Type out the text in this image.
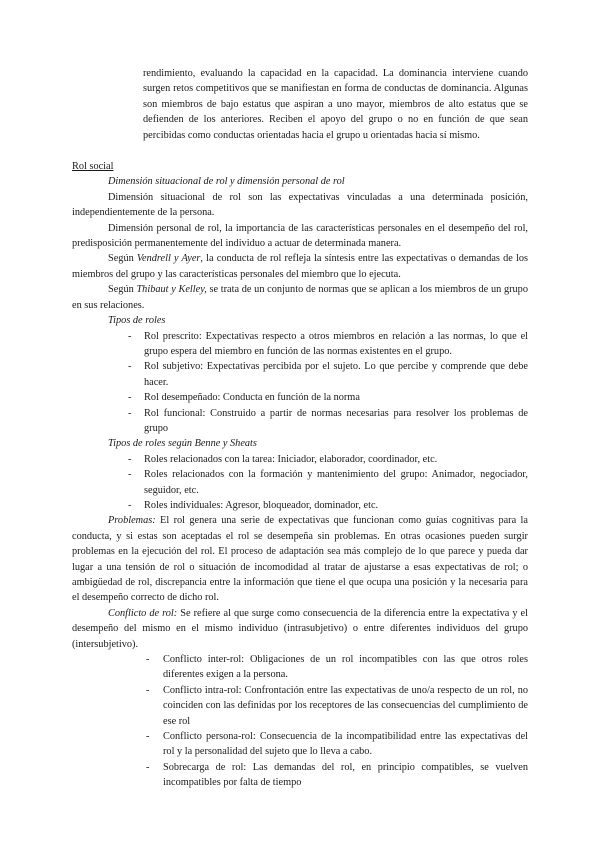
rendimiento, evaluando la capacidad en la capacidad. La dominancia interviene cuando surgen retos competitivos que se manifiestan en forma de conductas de dominancia. Algunas son miembros de bajo estatus que aspiran a uno mayor, miembros de alto estatus que se defienden de los anteriores. Reciben el apoyo del grupo o no en función de que sean percibidas como conductas orientadas hacia el grupo u orientadas hacia sí mismo.

Rol social

Dimensión situacional de rol y dimensión personal de rol

Dimensión situacional de rol son las expectativas vinculadas a una determinada posición, independientemente de la persona.

Dimensión personal de rol, la importancia de las características personales en el desempeño del rol, predisposición permanentemente del individuo a actuar de determinada manera.

Según Vendrell y Ayer, la conducta de rol refleja la síntesis entre las expectativas o demandas de los miembros del grupo y las características personales del miembro que lo ejecuta.

Según Thibaut y Kelley, se trata de un conjunto de normas que se aplican a los miembros de un grupo en sus relaciones.

Tipos de roles

- Rol prescrito: Expectativas respecto a otros miembros en relación a las normas, lo que el grupo espera del miembro en función de las normas existentes en el grupo.
- Rol subjetivo: Expectativas percibida por el sujeto. Lo que percibe y comprende que debe hacer.
- Rol desempeñado: Conducta en función de la norma
- Rol funcional: Construido a partir de normas necesarias para resolver los problemas de grupo

Tipos de roles según Benne y Sheats

- Roles relacionados con la tarea: Iniciador, elaborador, coordinador, etc.
- Roles relacionados con la formación y mantenimiento del grupo: Animador, negociador, seguidor, etc.
- Roles individuales: Agresor, bloqueador, dominador, etc.

Problemas: El rol genera una serie de expectativas que funcionan como guías cognitivas para la conducta, y si estas son aceptadas el rol se desempeña sin problemas. En otras ocasiones pueden surgir problemas en la ejecución del rol. El proceso de adaptación sea más complejo de lo que parece y pueda dar lugar a una tensión de rol o situación de incomodidad al tratar de ajustarse a esas expectativas de rol; o ambigüedad de rol, discrepancia entre la información que tiene el que ocupa una posición y la necesaria para el desempeño correcto de dicho rol.

Conflicto de rol: Se refiere al que surge como consecuencia de la diferencia entre la expectativa y el desempeño del mismo en el mismo individuo (intrasubjetivo) o entre diferentes individuos del grupo (intersubjetivo).

- Conflicto inter-rol: Obligaciones de un rol incompatibles con las que otros roles diferentes exigen a la persona.
- Conflicto intra-rol: Confrontación entre las expectativas de uno/a respecto de un rol, no coinciden con las definidas por los receptores de las consecuencias del cumplimiento de ese rol
- Conflicto persona-rol: Consecuencia de la incompatibilidad entre las expectativas del rol y la personalidad del sujeto que lo lleva a cabo.
- Sobrecarga de rol: Las demandas del rol, en principio compatibles, se vuelven incompatibles por falta de tiempo
